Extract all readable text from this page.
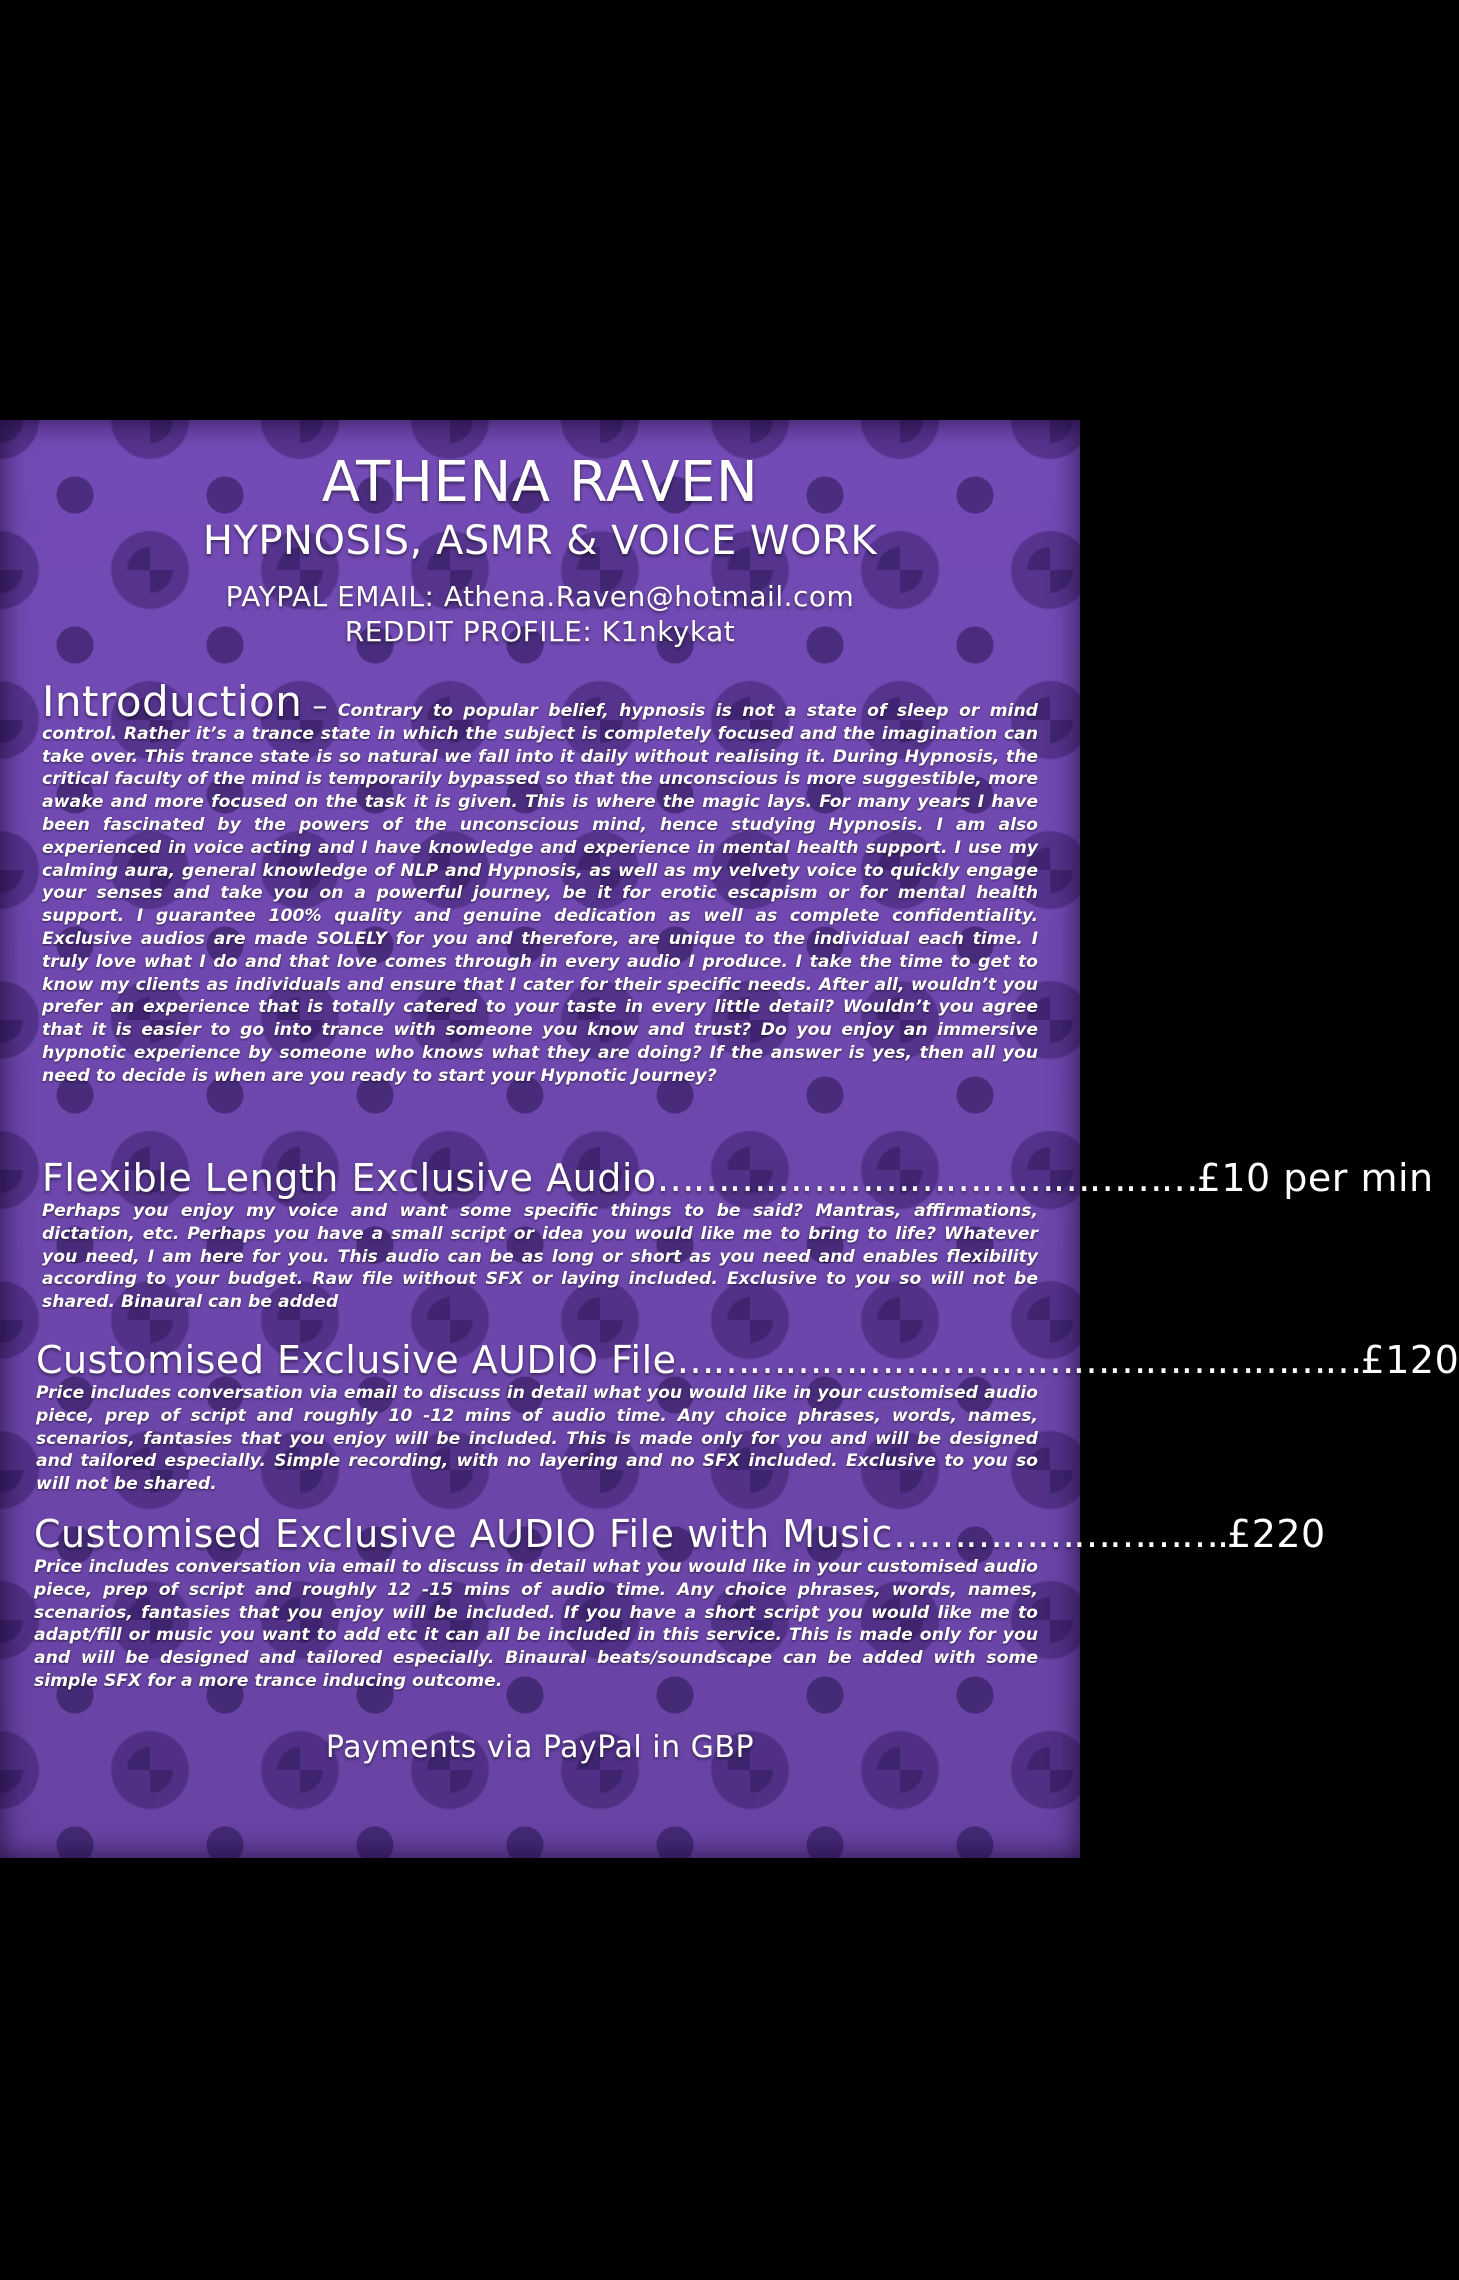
ATHENA RAVEN
HYPNOSIS, ASMR & VOICE WORK
PAYPAL EMAIL: Athena.Raven@hotmail.com
REDDIT PROFILE: K1nkykat
Introduction – Contrary to popular belief, hypnosis is not a state of sleep or mind control. Rather it’s a trance state in which the subject is completely focused and the imagination can take over. This trance state is so natural we fall into it daily without realising it. During Hypnosis, the critical faculty of the mind is temporarily bypassed so that the unconscious is more suggestible, more awake and more focused on the task it is given. This is where the magic lays. For many years I have been fascinated by the powers of the unconscious mind, hence studying Hypnosis. I am also experienced in voice acting and I have knowledge and experience in mental health support. I use my calming aura, general knowledge of NLP and Hypnosis, as well as my velvety voice to quickly engage your senses and take you on a powerful journey, be it for erotic escapism or for mental health support. I guarantee 100% quality and genuine dedication as well as complete confidentiality. Exclusive audios are made SOLELY for you and therefore, are unique to the individual each time. I truly love what I do and that love comes through in every audio I produce. I take the time to get to know my clients as individuals and ensure that I cater for their specific needs. After all, wouldn’t you prefer an experience that is totally catered to your taste in every little detail? Wouldn’t you agree that it is easier to go into trance with someone you know and trust? Do you enjoy an immersive hypnotic experience by someone who knows what they are doing? If the answer is yes, then all you need to decide is when are you ready to start your Hypnotic Journey?
Flexible Length Exclusive Audio………………………………………£10 per min
Perhaps you enjoy my voice and want some specific things to be said? Mantras, affirmations, dictation, etc. Perhaps you have a small script or idea you would like me to bring to life? Whatever you need, I am here for you. This audio can be as long or short as you need and enables flexibility according to your budget. Raw file without SFX or laying included. Exclusive to you so will not be shared. Binaural can be added
Customised Exclusive AUDIO File…………………………………………………£120
Price includes conversation via email to discuss in detail what you would like in your customised audio piece, prep of script and roughly 10 -12 mins of audio time. Any choice phrases, words, names, scenarios, fantasies that you enjoy will be included. This is made only for you and will be designed and tailored especially. Simple recording, with no layering and no SFX included. Exclusive to you so will not be shared.
Customised Exclusive AUDIO File with Music……………………….£220
Price includes conversation via email to discuss in detail what you would like in your customised audio piece, prep of script and roughly 12 -15 mins of audio time. Any choice phrases, words, names, scenarios, fantasies that you enjoy will be included. If you have a short script you would like me to adapt/fill or music you want to add etc it can all be included in this service. This is made only for you and will be designed and tailored especially. Binaural beats/soundscape can be added with some simple SFX for a more trance inducing outcome.
Payments via PayPal in GBP
